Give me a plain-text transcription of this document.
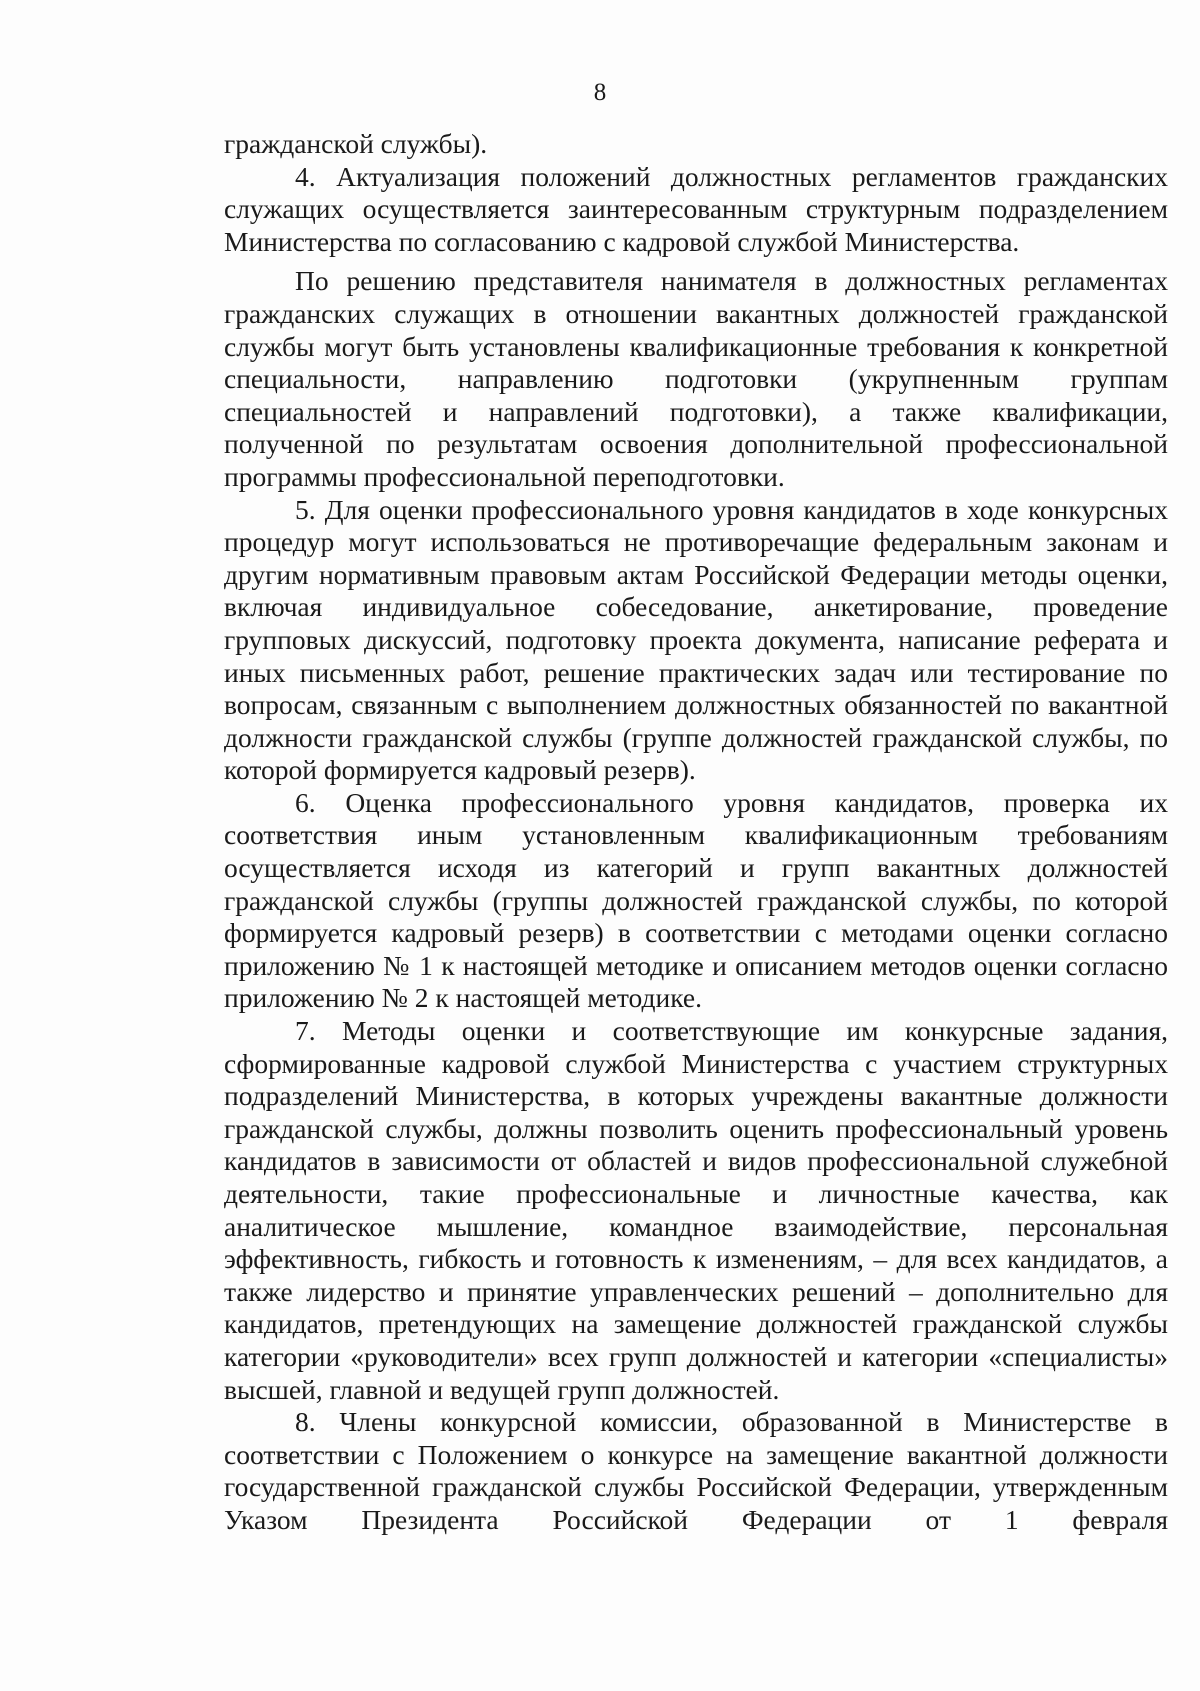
8

гражданской службы).

4. Актуализация положений должностных регламентов гражданских служащих осуществляется заинтересованным структурным подразделением Министерства по согласованию с кадровой службой Министерства.

По решению представителя нанимателя в должностных регламентах гражданских служащих в отношении вакантных должностей гражданской службы могут быть установлены квалификационные требования к конкретной специальности, направлению подготовки (укрупненным группам специальностей и направлений подготовки), а также квалификации, полученной по результатам освоения дополнительной профессиональной программы профессиональной переподготовки.

5. Для оценки профессионального уровня кандидатов в ходе конкурсных процедур могут использоваться не противоречащие федеральным законам и другим нормативным правовым актам Российской Федерации методы оценки, включая индивидуальное собеседование, анкетирование, проведение групповых дискуссий, подготовку проекта документа, написание реферата и иных письменных работ, решение практических задач или тестирование по вопросам, связанным с выполнением должностных обязанностей по вакантной должности гражданской службы (группе должностей гражданской службы, по которой формируется кадровый резерв).

6. Оценка профессионального уровня кандидатов, проверка их соответствия иным установленным квалификационным требованиям осуществляется исходя из категорий и групп вакантных должностей гражданской службы (группы должностей гражданской службы, по которой формируется кадровый резерв) в соответствии с методами оценки согласно приложению № 1 к настоящей методике и описанием методов оценки согласно приложению № 2 к настоящей методике.

7. Методы оценки и соответствующие им конкурсные задания, сформированные кадровой службой Министерства с участием структурных подразделений Министерства, в которых учреждены вакантные должности гражданской службы, должны позволить оценить профессиональный уровень кандидатов в зависимости от областей и видов профессиональной служебной деятельности, такие профессиональные и личностные качества, как аналитическое мышление, командное взаимодействие, персональная эффективность, гибкость и готовность к изменениям, – для всех кандидатов, а также лидерство и принятие управленческих решений – дополнительно для кандидатов, претендующих на замещение должностей гражданской службы категории «руководители» всех групп должностей и категории «специалисты» высшей, главной и ведущей групп должностей.

8. Члены конкурсной комиссии, образованной в Министерстве в соответствии с Положением о конкурсе на замещение вакантной должности государственной гражданской службы Российской Федерации, утвержденным Указом Президента Российской Федерации от 1 февраля
